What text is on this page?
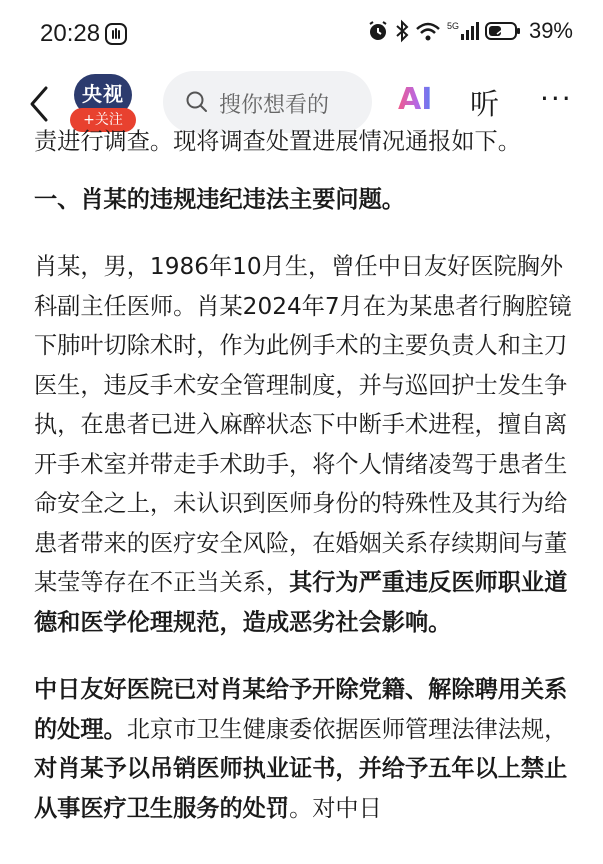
20:28	5G	39%
央视
+关注
搜你想看的 AI 听 ···

责进行调查。现将调查处置进展情况通报如下。

一、肖某的违规违纪违法主要问题。

肖某，男，1986年10月生，曾任中日友好医院胸外科副主任医师。肖某2024年7月在为某患者行胸腔镜下肺叶切除术时，作为此例手术的主要负责人和主刀医生，违反手术安全管理制度，并与巡回护士发生争执，在患者已进入麻醉状态下中断手术进程，擅自离开手术室并带走手术助手，将个人情绪凌驾于患者生命安全之上，未认识到医师身份的特殊性及其行为给患者带来的医疗安全风险，在婚姻关系存续期间与董某莹等存在不正当关系，其行为严重违反医师职业道德和医学伦理规范，造成恶劣社会影响。

中日友好医院已对肖某给予开除党籍、解除聘用关系的处理。北京市卫生健康委依据医师管理法律法规，对肖某予以吊销医师执业证书，并给予五年以上禁止从事医疗卫生服务的处罚。对中日
